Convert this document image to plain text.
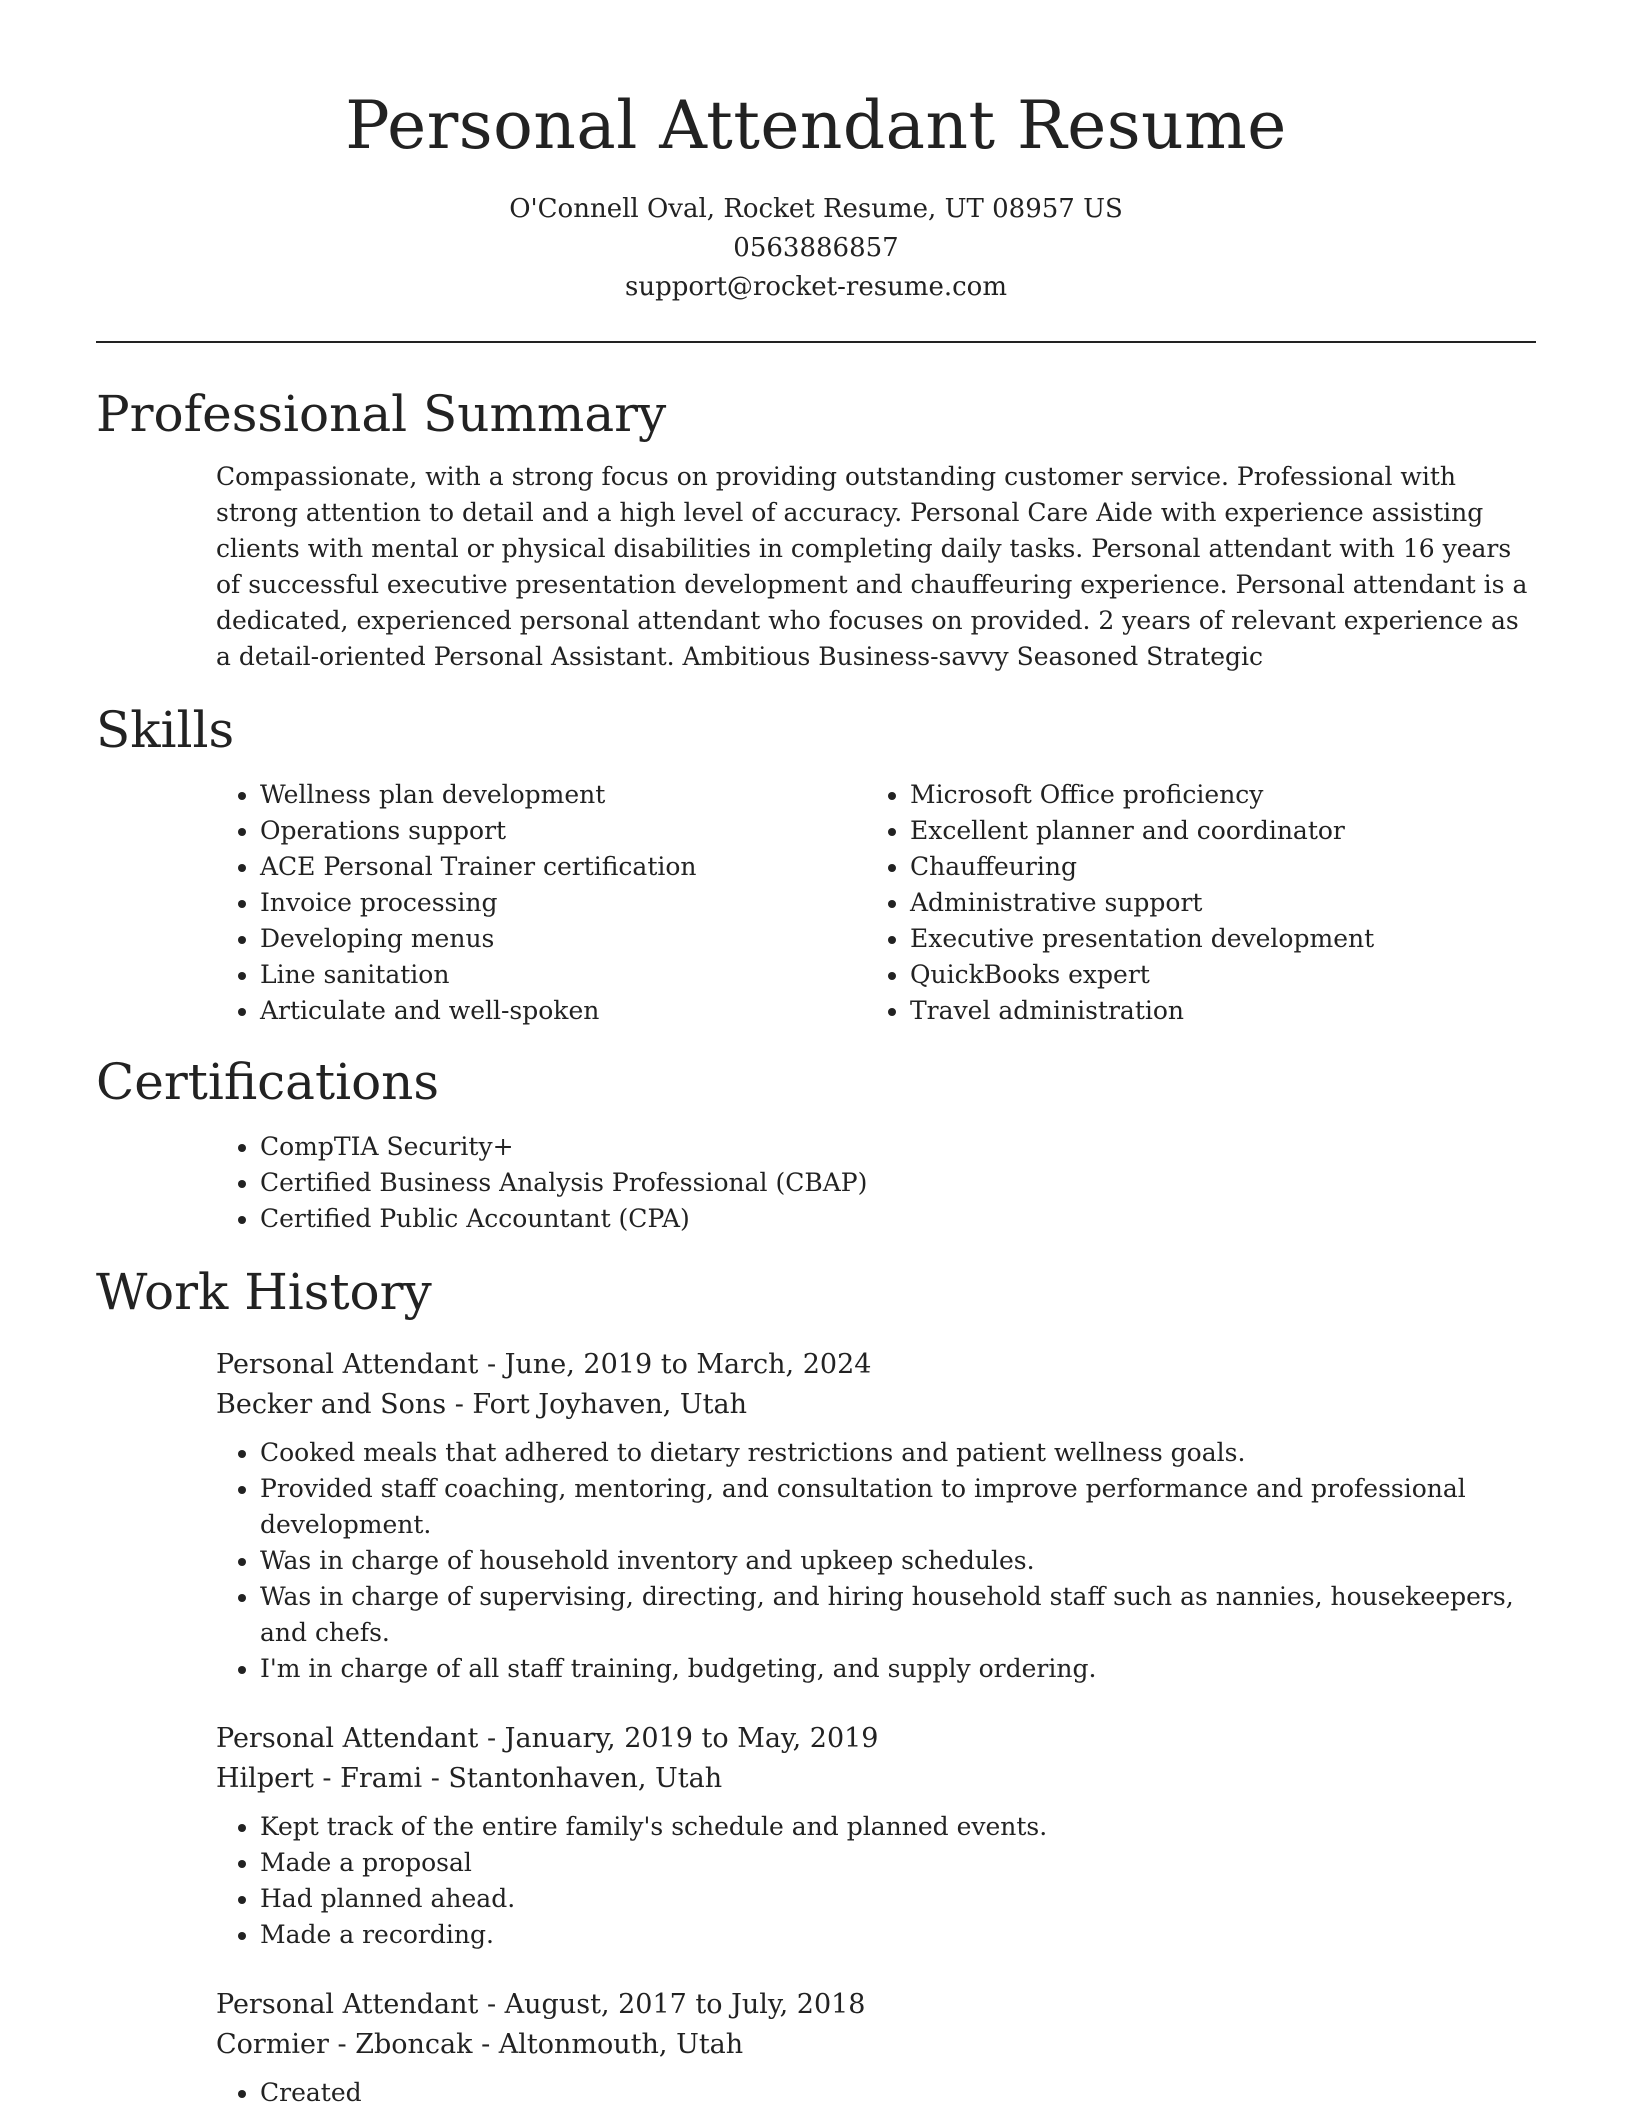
Personal Attendant Resume

O'Connell Oval, Rocket Resume, UT 08957 US

0563886857

support@rocket-resume.com

Professional Summary

Compassionate, with a strong focus on providing outstanding customer service. Professional with strong attention to detail and a high level of accuracy. Personal Care Aide with experience assisting clients with mental or physical disabilities in completing daily tasks. Personal attendant with 16 years of successful executive presentation development and chauffeuring experience. Personal attendant is a dedicated, experienced personal attendant who focuses on provided. 2 years of relevant experience as a detail-oriented Personal Assistant. Ambitious Business-savvy Seasoned Strategic

Skills
• Wellness plan development
• Operations support
• ACE Personal Trainer certification
• Invoice processing
• Developing menus
• Line sanitation
• Articulate and well-spoken
• Microsoft Office proficiency
• Excellent planner and coordinator
• Chauffeuring
• Administrative support
• Executive presentation development
• QuickBooks expert
• Travel administration
Certifications
• CompTIA Security+
• Certified Business Analysis Professional (CBAP)
• Certified Public Accountant (CPA)
Work History

Personal Attendant - June, 2019 to March, 2024

Becker and Sons - Fort Joyhaven, Utah

• Cooked meals that adhered to dietary restrictions and patient wellness goals.
• Provided staff coaching, mentoring, and consultation to improve performance and professional development.
• Was in charge of household inventory and upkeep schedules.
• Was in charge of supervising, directing, and hiring household staff such as nannies, housekeepers, and chefs.
• I'm in charge of all staff training, budgeting, and supply ordering.

Personal Attendant - January, 2019 to May, 2019

Hilpert - Frami - Stantonhaven, Utah

• Kept track of the entire family's schedule and planned events.
• Made a proposal
• Had planned ahead.
• Made a recording.

Personal Attendant - August, 2017 to July, 2018

Cormier - Zboncak - Altonmouth, Utah

• Created
